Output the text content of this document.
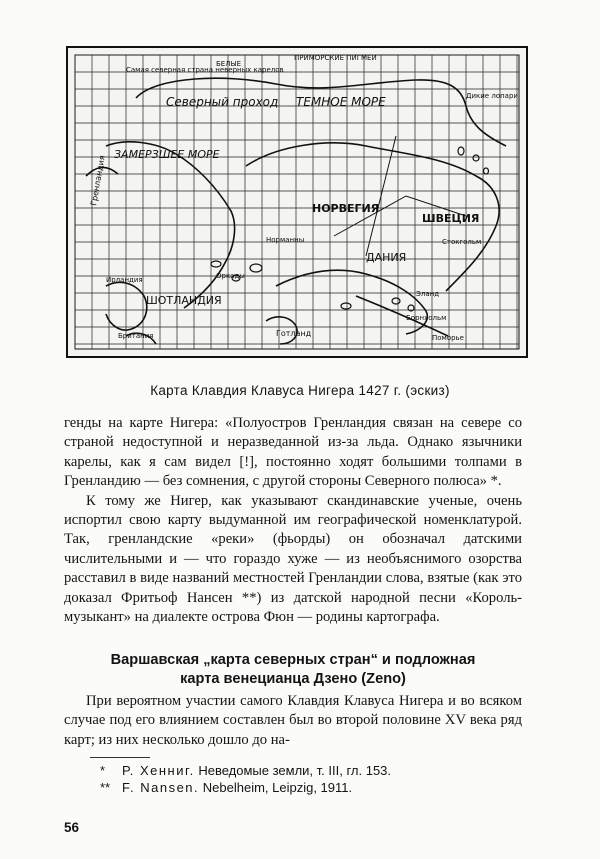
ПРИМОРСКИЕ ПИГМЕИ
Самая северная страна неверных карелов
БЕЛЫЕ
Северный проход ТЕМНОЕ МОРЕ
ЗАМЕРЗШЕЕ МОРЕ
Гренландия
Дикие лопари
НОРВЕГИЯ
ШВЕЦИЯ
ДАНИЯ
ШОТЛАНДИЯ
Стокгольм
Норманны
Оркады
Британия	Готланд
Борнхольм
Поморье
Эланд
Ирландия
Карта Клавдия Клавуса Нигера 1427 г. (эскиз)

генды на карте Нигера: «Полуостров Гренландия связан на севере со страной недоступной и неразведанной из-за льда. Однако язычники карелы, как я сам видел [!], постоянно ходят большими толпами в Гренландию — без сомнения, с другой стороны Северного полюса» *.

К тому же Нигер, как указывают скандинавские ученые, очень испортил свою карту выдуманной им географической номенклатурой. Так, гренландские «реки» (фьорды) он обозначал датскими числительными и — что гораздо хуже — из необъяснимого озорства расставил в виде названий местностей Гренландии слова, взятые (как это доказал Фритьоф Нансен **) из датской народной песни «Король-музыкант» на диалекте острова Фюн — родины картографа.

Варшавская „карта северных стран“ и подложная
карта венецианца Дзено (Zeno)

При вероятном участии самого Клавдия Клавуса Нигера и во всяком случае под его влиянием составлен был во второй половине XV века ряд карт; из них несколько дошло до на-

* Р. Хенниг. Неведомые земли, т. III, гл. 153.
** F. Nansen. Nebelheim, Leipzig, 1911.
56
